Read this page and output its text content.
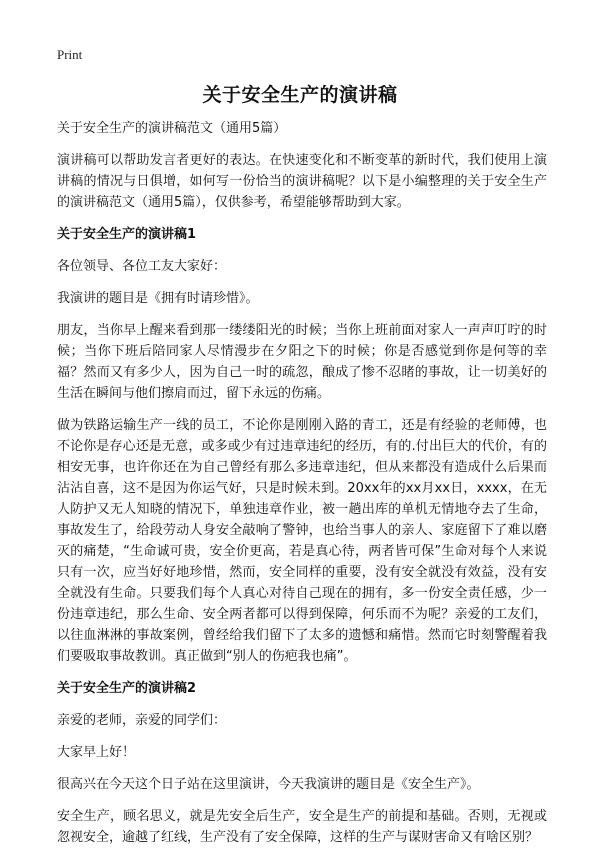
Print
关于安全生产的演讲稿

关于安全生产的演讲稿范文（通用5篇）

演讲稿可以帮助发言者更好的表达。在快速变化和不断变革的新时代，我们使用上演讲稿的情况与日俱增，如何写一份恰当的演讲稿呢？以下是小编整理的关于安全生产的演讲稿范文（通用5篇），仅供参考，希望能够帮助到大家。

关于安全生产的演讲稿1

各位领导、各位工友大家好：

我演讲的题目是《拥有时请珍惜》。

朋友，当你早上醒来看到那一缕缕阳光的时候；当你上班前面对家人一声声叮咛的时候；当你下班后陪同家人尽情漫步在夕阳之下的时候；你是否感觉到你是何等的幸福？然而又有多少人，因为自己一时的疏忽，酿成了惨不忍睹的事故，让一切美好的生活在瞬间与他们擦肩而过，留下永远的伤痛。

做为铁路运输生产一线的员工，不论你是刚刚入路的青工，还是有经验的老师傅，也不论你是存心还是无意，或多或少有过违章违纪的经历，有的.付出巨大的代价，有的相安无事，也许你还在为自己曾经有那么多违章违纪，但从来都没有造成什么后果而沾沾自喜，这不是因为你运气好，只是时候未到。20xx年的xx月xx日，xxxx，在无人防护又无人知晓的情况下，单独违章作业，被一趟出库的单机无情地夺去了生命，事故发生了，给段劳动人身安全敲响了警钟，也给当事人的亲人、家庭留下了难以磨灭的痛楚，“生命诚可贵，安全价更高，若是真心待，两者皆可保”生命对每个人来说只有一次，应当好好地珍惜，然而，安全同样的重要，没有安全就没有效益，没有安全就没有生命。只要我们每个人真心对待自己现在的拥有，多一份安全责任感，少一份违章违纪，那么生命、安全两者都可以得到保障，何乐而不为呢？亲爱的工友们，以往血淋淋的事故案例，曾经给我们留下了太多的遗憾和痛惜。然而它时刻警醒着我们要吸取事故教训。真正做到“别人的伤疤我也痛”。

关于安全生产的演讲稿2

亲爱的老师，亲爱的同学们：

大家早上好！

很高兴在今天这个日子站在这里演讲，今天我演讲的题目是《安全生产》。

安全生产，顾名思义，就是先安全后生产，安全是生产的前提和基础。否则，无视或忽视安全，逾越了红线，生产没有了安全保障，这样的生产与谋财害命又有啥区别？
